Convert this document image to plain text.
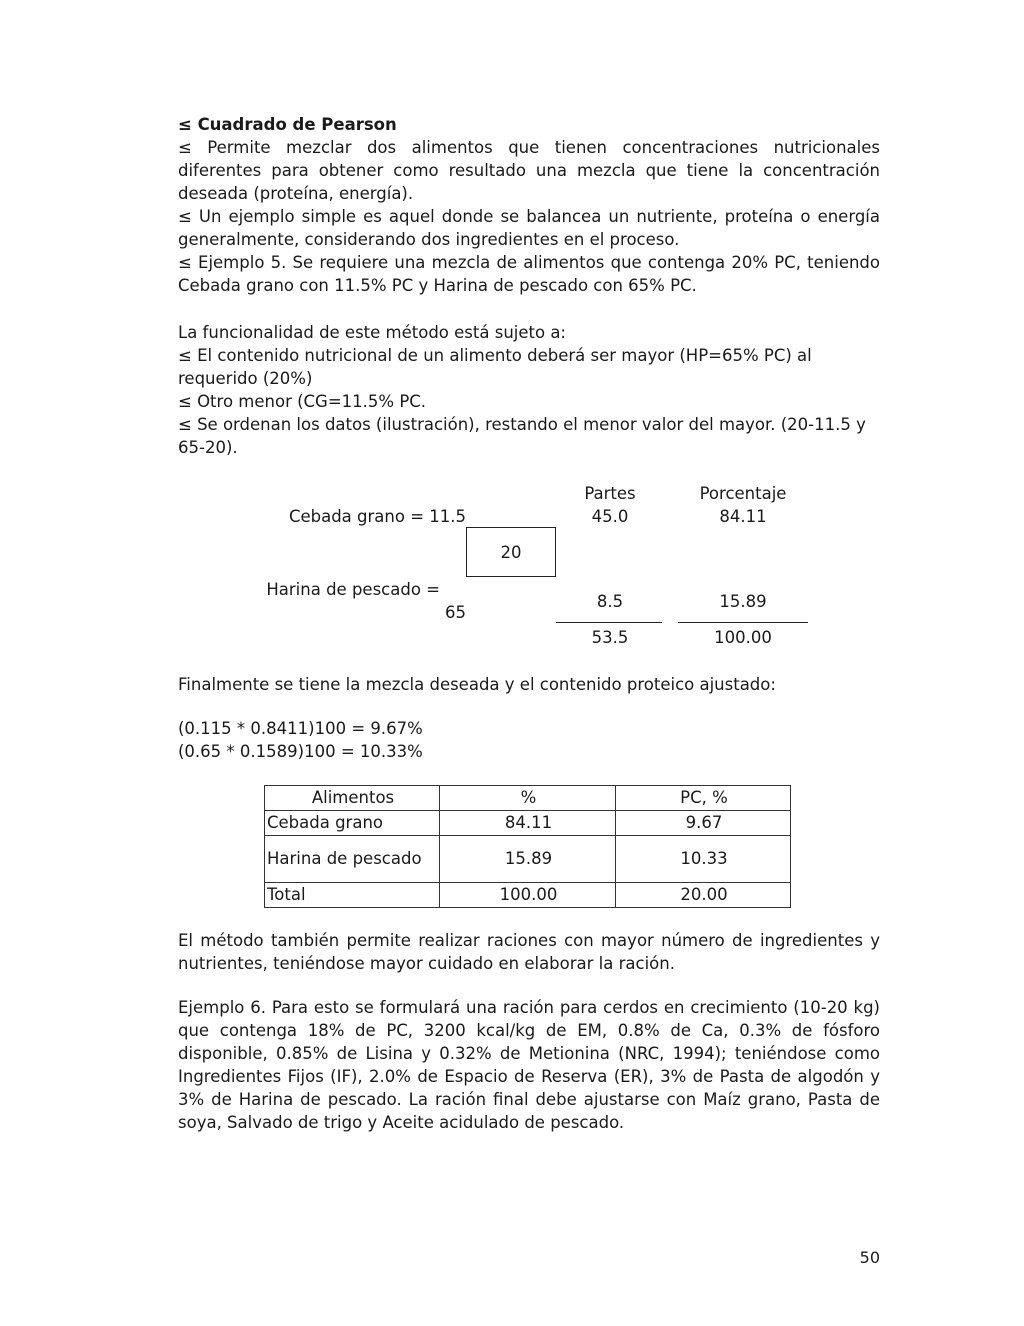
≤ Cuadrado de Pearson
≤ Permite mezclar dos alimentos que tienen concentraciones nutricionales diferentes para obtener como resultado una mezcla que tiene la concentración deseada (proteína, energía).
≤ Un ejemplo simple es aquel donde se balancea un nutriente, proteína o energía generalmente, considerando dos ingredientes en el proceso.
≤ Ejemplo 5. Se requiere una mezcla de alimentos que contenga 20% PC, teniendo Cebada grano con 11.5% PC y Harina de pescado con 65% PC.
La funcionalidad de este método está sujeto a:
≤ El contenido nutricional de un alimento deberá ser mayor (HP=65% PC) al requerido (20%)
≤ Otro menor (CG=11.5% PC.
≤ Se ordenan los datos (ilustración), restando el menor valor del mayor. (20-11.5 y 65-20).
Partes	Porcentaje
Cebada grano = 11.5	45.0	84.11
20
Harina de pescado =
65
8.5	15.89
53.5	100.00
Finalmente se tiene la mezcla deseada y el contenido proteico ajustado:
(0.115 * 0.8411)100 = 9.67%
(0.65 * 0.1589)100 = 10.33%
Alimentos	%	PC, %
Cebada grano	84.11	9.67
Harina de pescado	15.89	10.33
Total	100.00	20.00
El método también permite realizar raciones con mayor número de ingredientes y nutrientes, teniéndose mayor cuidado en elaborar la ración.
Ejemplo 6. Para esto se formulará una ración para cerdos en crecimiento (10-20 kg) que contenga 18% de PC, 3200 kcal/kg de EM, 0.8% de Ca, 0.3% de fósforo disponible, 0.85% de Lisina y 0.32% de Metionina (NRC, 1994); teniéndose como Ingredientes Fijos (IF), 2.0% de Espacio de Reserva (ER), 3% de Pasta de algodón y 3% de Harina de pescado. La ración final debe ajustarse con Maíz grano, Pasta de soya, Salvado de trigo y Aceite acidulado de pescado.
50
